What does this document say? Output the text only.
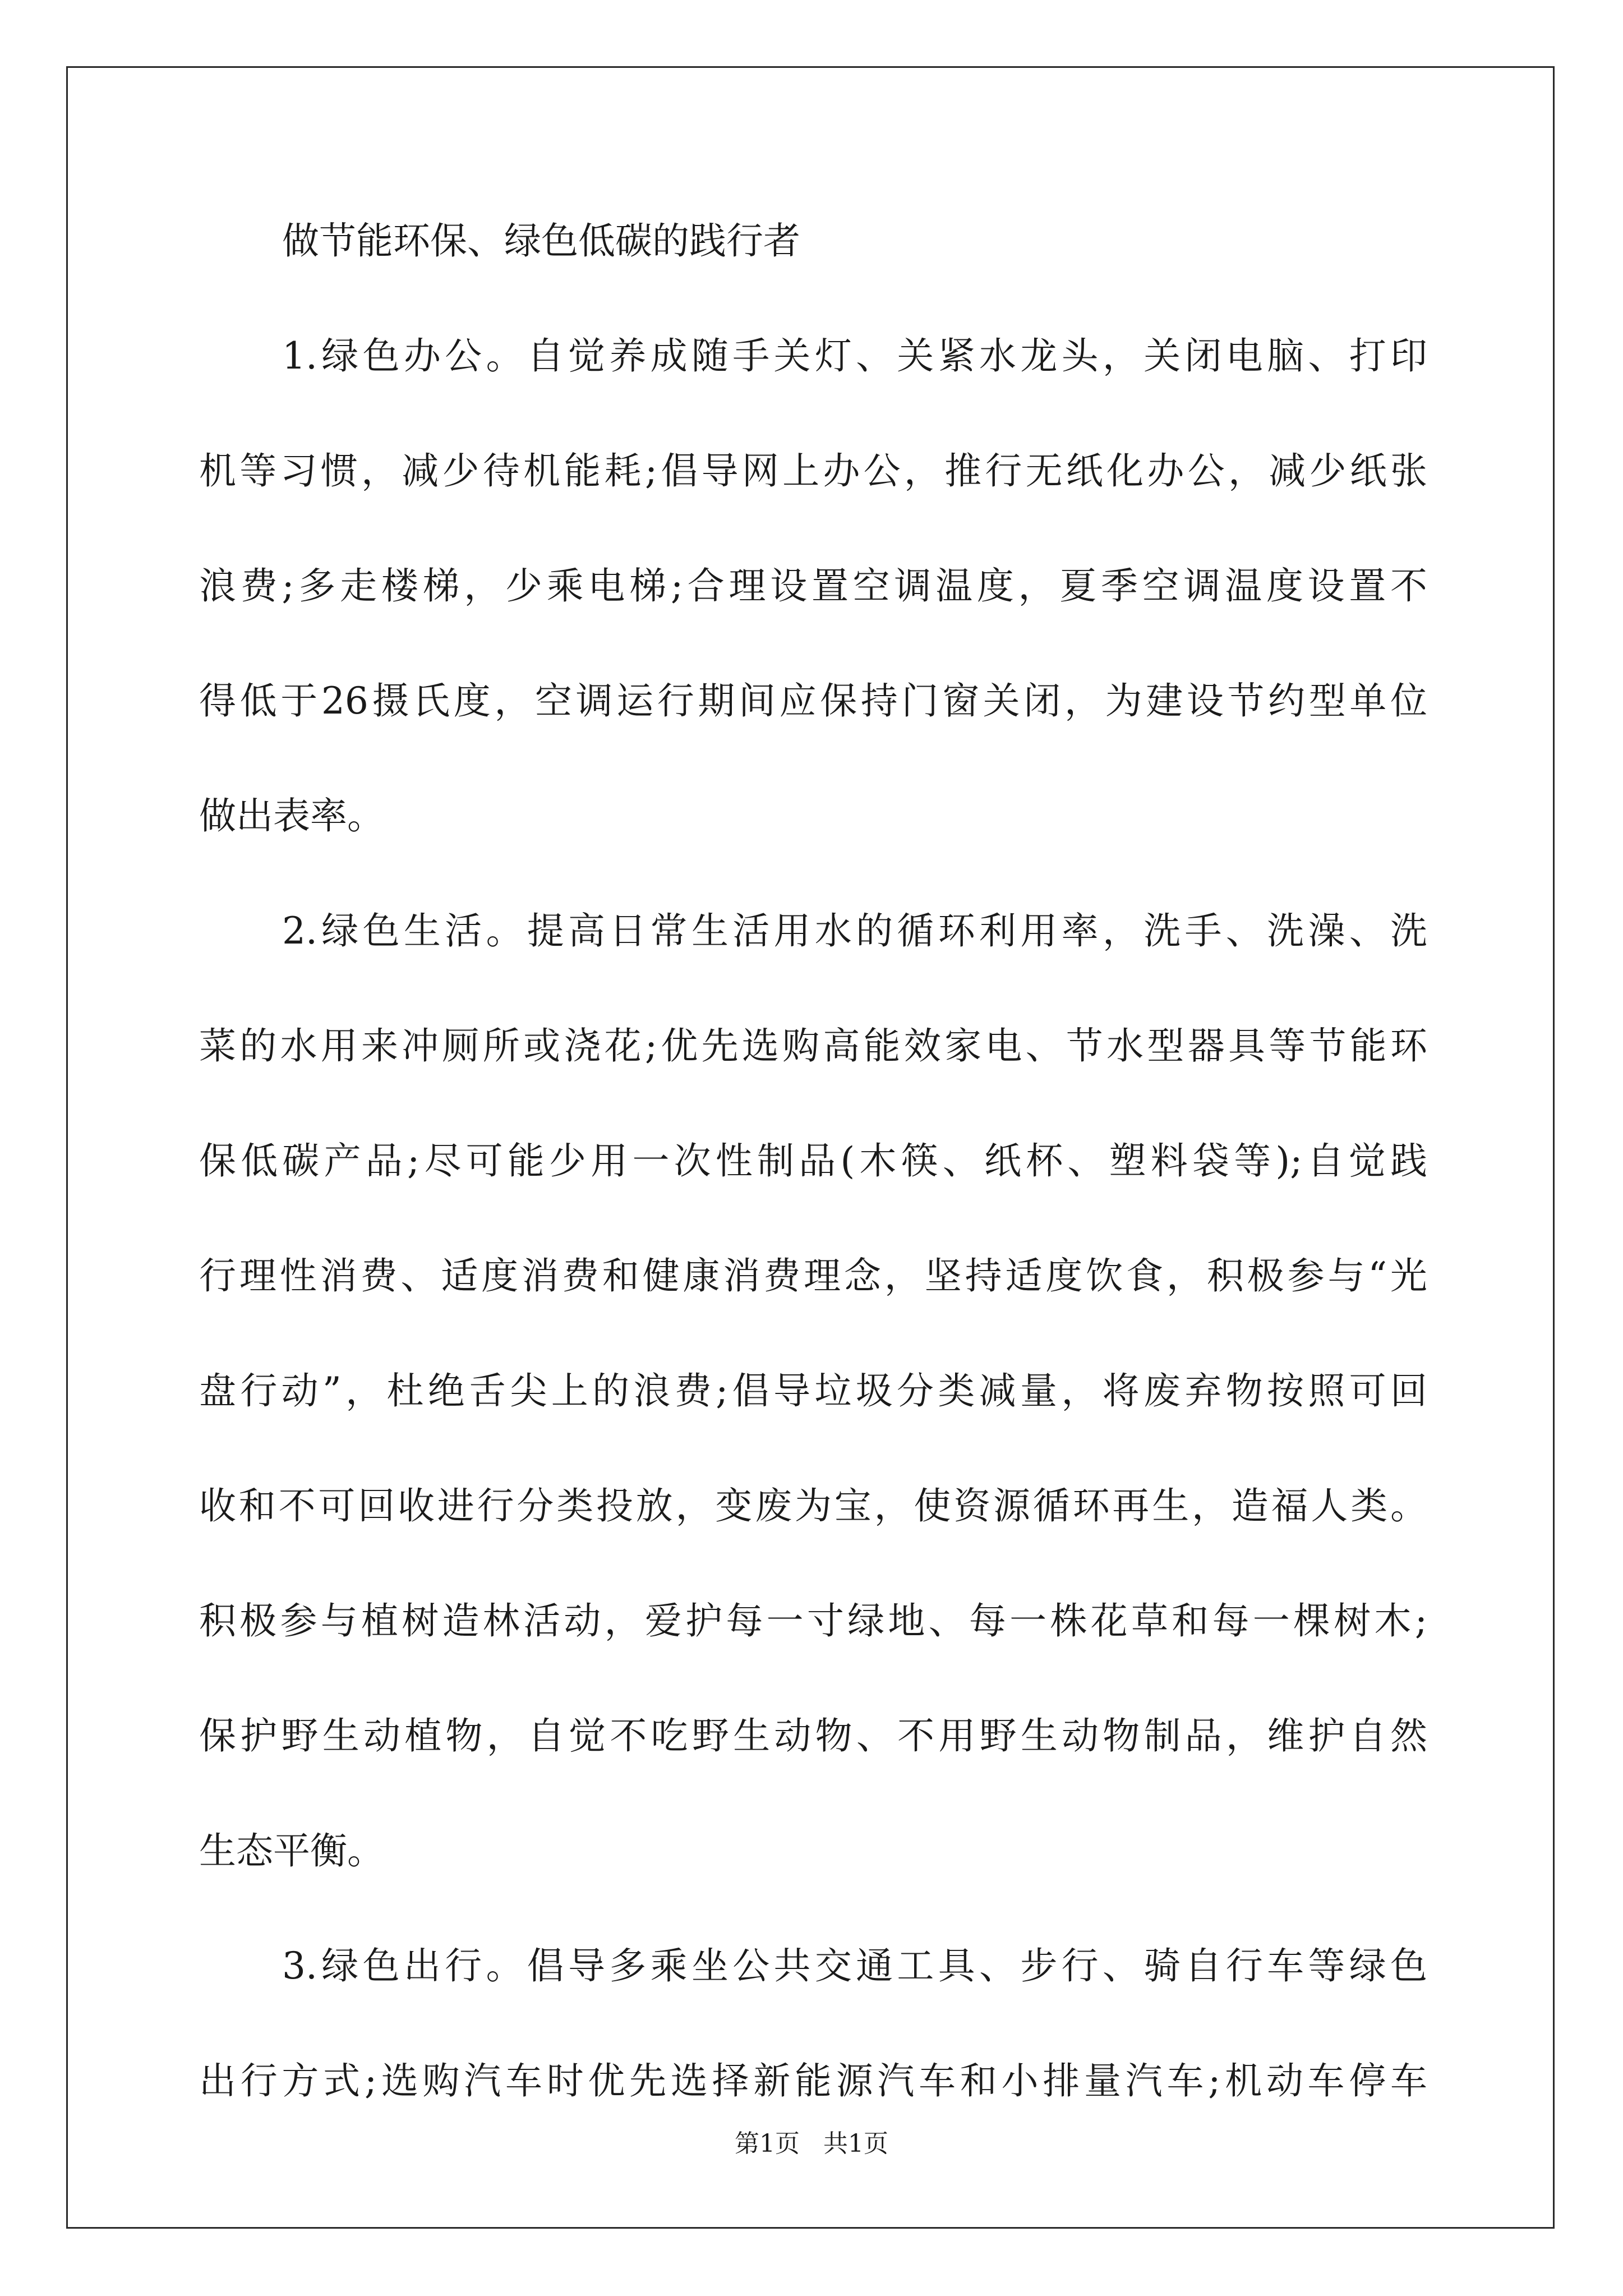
做节能环保、绿色低碳的践行者

1.绿色办公。自觉养成随手关灯、关紧水龙头，关闭电脑、打印

机等习惯，减少待机能耗;倡导网上办公，推行无纸化办公，减少纸张

浪费;多走楼梯，少乘电梯;合理设置空调温度，夏季空调温度设置不

得低于26摄氏度，空调运行期间应保持门窗关闭，为建设节约型单位

做出表率。

2.绿色生活。提高日常生活用水的循环利用率，洗手、洗澡、洗

菜的水用来冲厕所或浇花;优先选购高能效家电、节水型器具等节能环

保低碳产品;尽可能少用一次性制品(木筷、纸杯、塑料袋等);自觉践

行理性消费、适度消费和健康消费理念，坚持适度饮食，积极参与“光

盘行动”，杜绝舌尖上的浪费;倡导垃圾分类减量，将废弃物按照可回

收和不可回收进行分类投放，变废为宝，使资源循环再生，造福人类。

积极参与植树造林活动，爱护每一寸绿地、每一株花草和每一棵树木;

保护野生动植物，自觉不吃野生动物、不用野生动物制品，维护自然

生态平衡。

3.绿色出行。倡导多乘坐公共交通工具、步行、骑自行车等绿色

出行方式;选购汽车时优先选择新能源汽车和小排量汽车;机动车停车

第1页   共1页
